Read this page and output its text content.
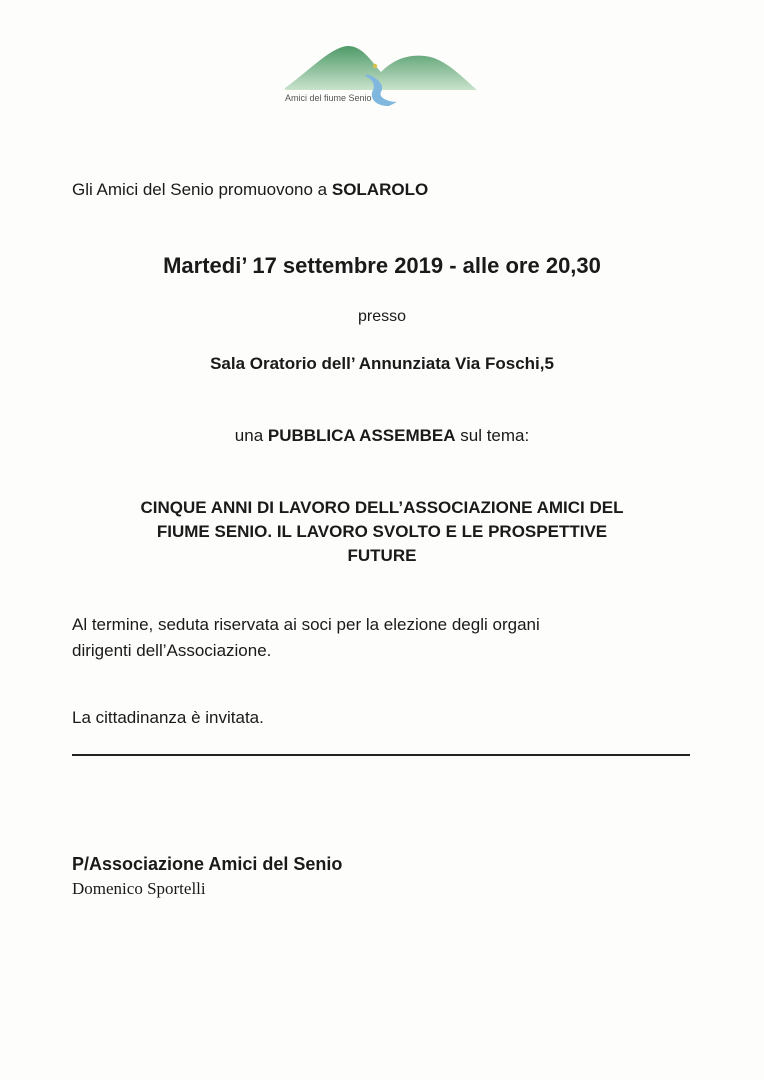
Amici del fiume Senio
Gli Amici del Senio promuovono a SOLAROLO
Martedi’ 17 settembre 2019 - alle ore 20,30
presso
Sala Oratorio dell’ Annunziata Via Foschi,5
una PUBBLICA ASSEMBEA sul tema:
CINQUE ANNI DI LAVORO DELL’ASSOCIAZIONE AMICI DEL
FIUME SENIO. IL LAVORO SVOLTO E LE PROSPETTIVE
FUTURE
Al termine, seduta riservata ai soci per la elezione degli organi
dirigenti dell’Associazione.
La cittadinanza è invitata.
P/Associazione Amici del Senio
Domenico Sportelli
